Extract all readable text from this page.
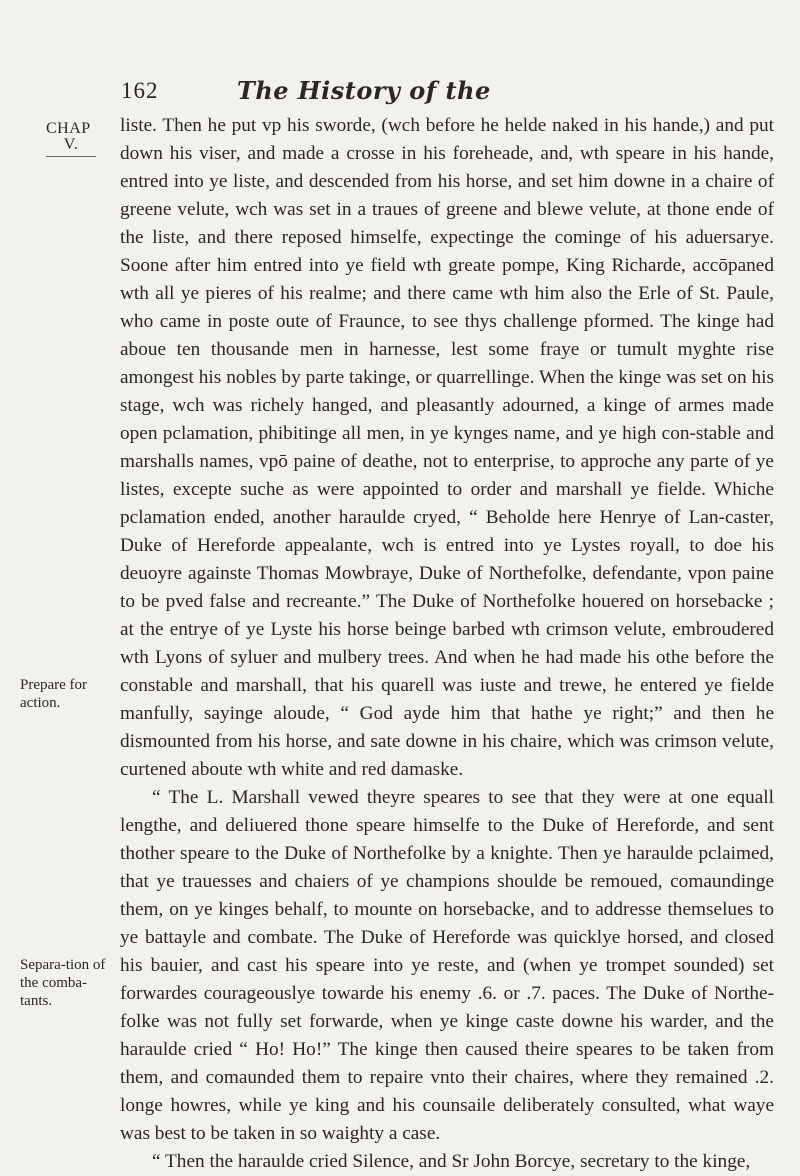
162	The History of the
CHAP
V.
Prepare for action.
Separa-tion of the comba-tants.

liste. Then he put vp his sworde, (wch before he helde naked in his hande,) and put down his viser, and made a crosse in his foreheade, and, wth speare in his hande, entred into ye liste, and descended from his horse, and set him downe in a chaire of greene velute, wch was set in a traues of greene and blewe velute, at thone ende of the liste, and there reposed himselfe, expectinge the cominge of his aduersarye. Soone after him entred into ye field wth greate pompe, King Richarde, accōpaned wth all ye pieres of his realme; and there came wth him also the Erle of St. Paule, who came in poste oute of Fraunce, to see thys challenge pformed. The kinge had aboue ten thousande men in harnesse, lest some fraye or tumult myghte rise amongest his nobles by parte takinge, or quarrellinge. When the kinge was set on his stage, wch was richely hanged, and pleasantly adourned, a kinge of armes made open pclamation, phibitinge all men, in ye kynges name, and ye high con-stable and marshalls names, vpō paine of deathe, not to enterprise, to approche any parte of ye listes, excepte suche as were appointed to order and marshall ye fielde. Whiche pclamation ended, another haraulde cryed, “ Beholde here Henrye of Lan-caster, Duke of Hereforde appealante, wch is entred into ye Lystes royall, to doe his deuoyre againste Thomas Mowbraye, Duke of Northefolke, defendante, vpon paine to be pved false and recreante.” The Duke of Northefolke houered on horsebacke ; at the entrye of ye Lyste his horse beinge barbed wth crimson velute, embroudered wth Lyons of syluer and mulbery trees. And when he had made his othe before the constable and marshall, that his quarell was iuste and trewe, he entered ye fielde manfully, sayinge aloude, “ God ayde him that hathe ye right;” and then he dismounted from his horse, and sate downe in his chaire, which was crimson velute, curtened aboute wth white and red damaske.

“ The L. Marshall vewed theyre speares to see that they were at one equall lengthe, and deliuered thone speare himselfe to the Duke of Hereforde, and sent thother speare to the Duke of Northefolke by a knighte. Then ye haraulde pclaimed, that ye trauesses and chaiers of ye champions shoulde be remoued, comaundinge them, on ye kinges behalf, to mounte on horsebacke, and to addresse themselues to ye battayle and combate. The Duke of Hereforde was quicklye horsed, and closed his bauier, and cast his speare into ye reste, and (when ye trompet sounded) set forwardes courageouslye towarde his enemy .6. or .7. paces. The Duke of Northe-folke was not fully set forwarde, when ye kinge caste downe his warder, and the haraulde cried “ Ho! Ho!” The kinge then caused theire speares to be taken from them, and comaunded them to repaire vnto their chaires, where they remained .2. longe howres, while ye king and his counsaile deliberately consulted, what waye was best to be taken in so waighty a case.

“ Then the haraulde cried Silence, and Sr John Borcye, secretary to the kinge,
